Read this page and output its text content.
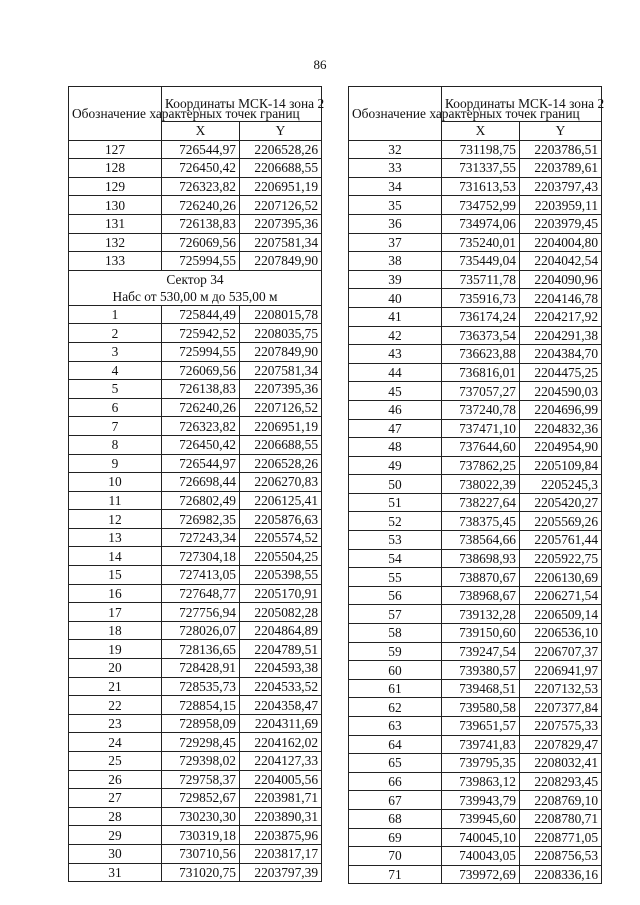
86
Обозначение характерных точек границ	Координаты МСК-14 зона 2	
	X	Y
127	726544,97	2206528,26
128	726450,42	2206688,55
129	726323,82	2206951,19
130	726240,26	2207126,52
131	726138,83	2207395,36
132	726069,56	2207581,34
133	725994,55	2207849,90

Сектор 34
Набс от 530,00 м до 535,00 м		

1	725844,49	2208015,78
2	725942,52	2208035,75
3	725994,55	2207849,90
4	726069,56	2207581,34
5	726138,83	2207395,36
6	726240,26	2207126,52
7	726323,82	2206951,19
8	726450,42	2206688,55
9	726544,97	2206528,26
10	726698,44	2206270,83
11	726802,49	2206125,41
12	726982,35	2205876,63
13	727243,34	2205574,52
14	727304,18	2205504,25
15	727413,05	2205398,55
16	727648,77	2205170,91
17	727756,94	2205082,28
18	728026,07	2204864,89
19	728136,65	2204789,51
20	728428,91	2204593,38
21	728535,73	2204533,52
22	728854,15	2204358,47
23	728958,09	2204311,69
24	729298,45	2204162,02
25	729398,02	2204127,33
26	729758,37	2204005,56
27	729852,67	2203981,71
28	730230,30	2203890,31
29	730319,18	2203875,96
30	730710,56	2203817,17
31	731020,75	2203797,39
Обозначение характерных точек границ	Координаты МСК-14 зона 2	
	X	Y
32	731198,75	2203786,51
33	731337,55	2203789,61
34	731613,53	2203797,43
35	734752,99	2203959,11
36	734974,06	2203979,45
37	735240,01	2204004,80
38	735449,04	2204042,54
39	735711,78	2204090,96
40	735916,73	2204146,78
41	736174,24	2204217,92
42	736373,54	2204291,38
43	736623,88	2204384,70
44	736816,01	2204475,25
45	737057,27	2204590,03
46	737240,78	2204696,99
47	737471,10	2204832,36
48	737644,60	2204954,90
49	737862,25	2205109,84
50	738022,39	2205245,3
51	738227,64	2205420,27
52	738375,45	2205569,26
53	738564,66	2205761,44
54	738698,93	2205922,75
55	738870,67	2206130,69
56	738968,67	2206271,54
57	739132,28	2206509,14
58	739150,60	2206536,10
59	739247,54	2206707,37
60	739380,57	2206941,97
61	739468,51	2207132,53
62	739580,58	2207377,84
63	739651,57	2207575,33
64	739741,83	2207829,47
65	739795,35	2208032,41
66	739863,12	2208293,45
67	739943,79	2208769,10
68	739945,60	2208780,71
69	740045,10	2208771,05
70	740043,05	2208756,53
71	739972,69	2208336,16
